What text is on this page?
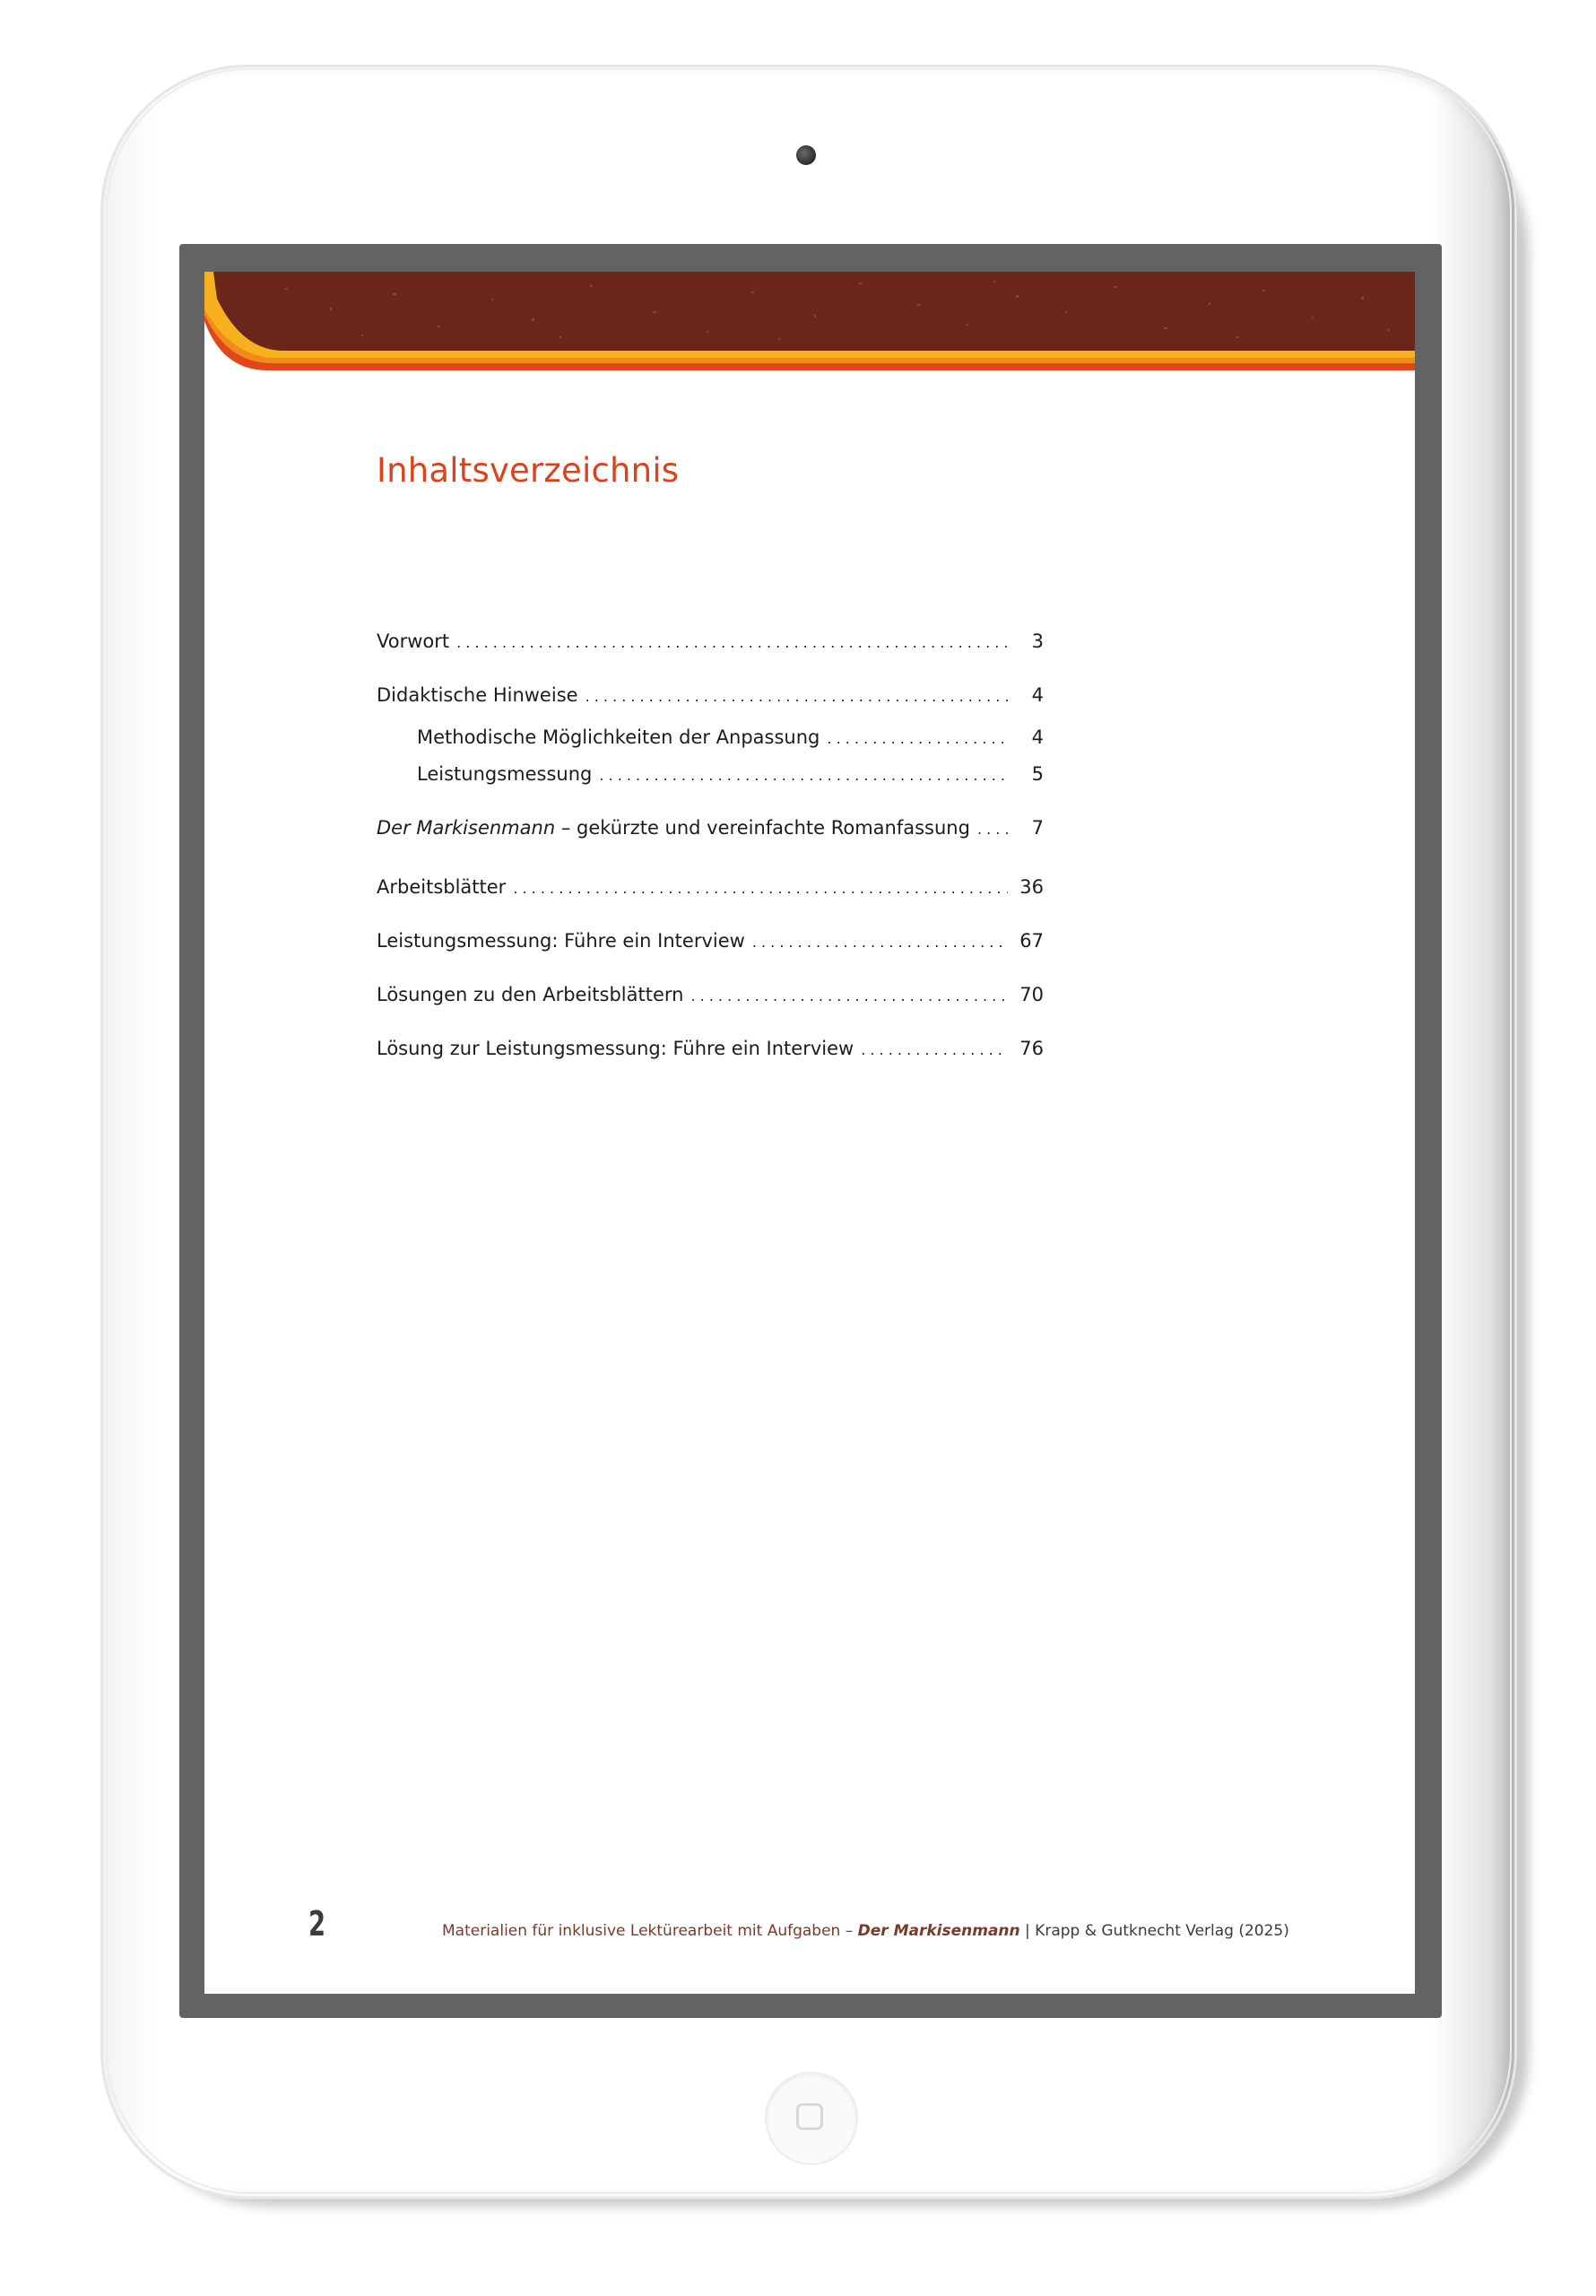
Inhaltsverzeichnis
Vorwort . . .	3
Didaktische Hinweise . . .	4
Methodische Möglichkeiten der Anpassung . . .	4
Leistungsmessung . . .	5
Der Markisenmann – gekürzte und vereinfachte Romanfassung . . .	7
Arbeitsblätter . . .	36
Leistungsmessung: Führe ein Interview . . .	67
Lösungen zu den Arbeitsblättern . . .	70
Lösung zur Leistungsmessung: Führe ein Interview . . .	76
2	Materialien für inklusive Lektürearbeit mit Aufgaben – Der Markisenmann | Krapp & Gutknecht Verlag (2025)
